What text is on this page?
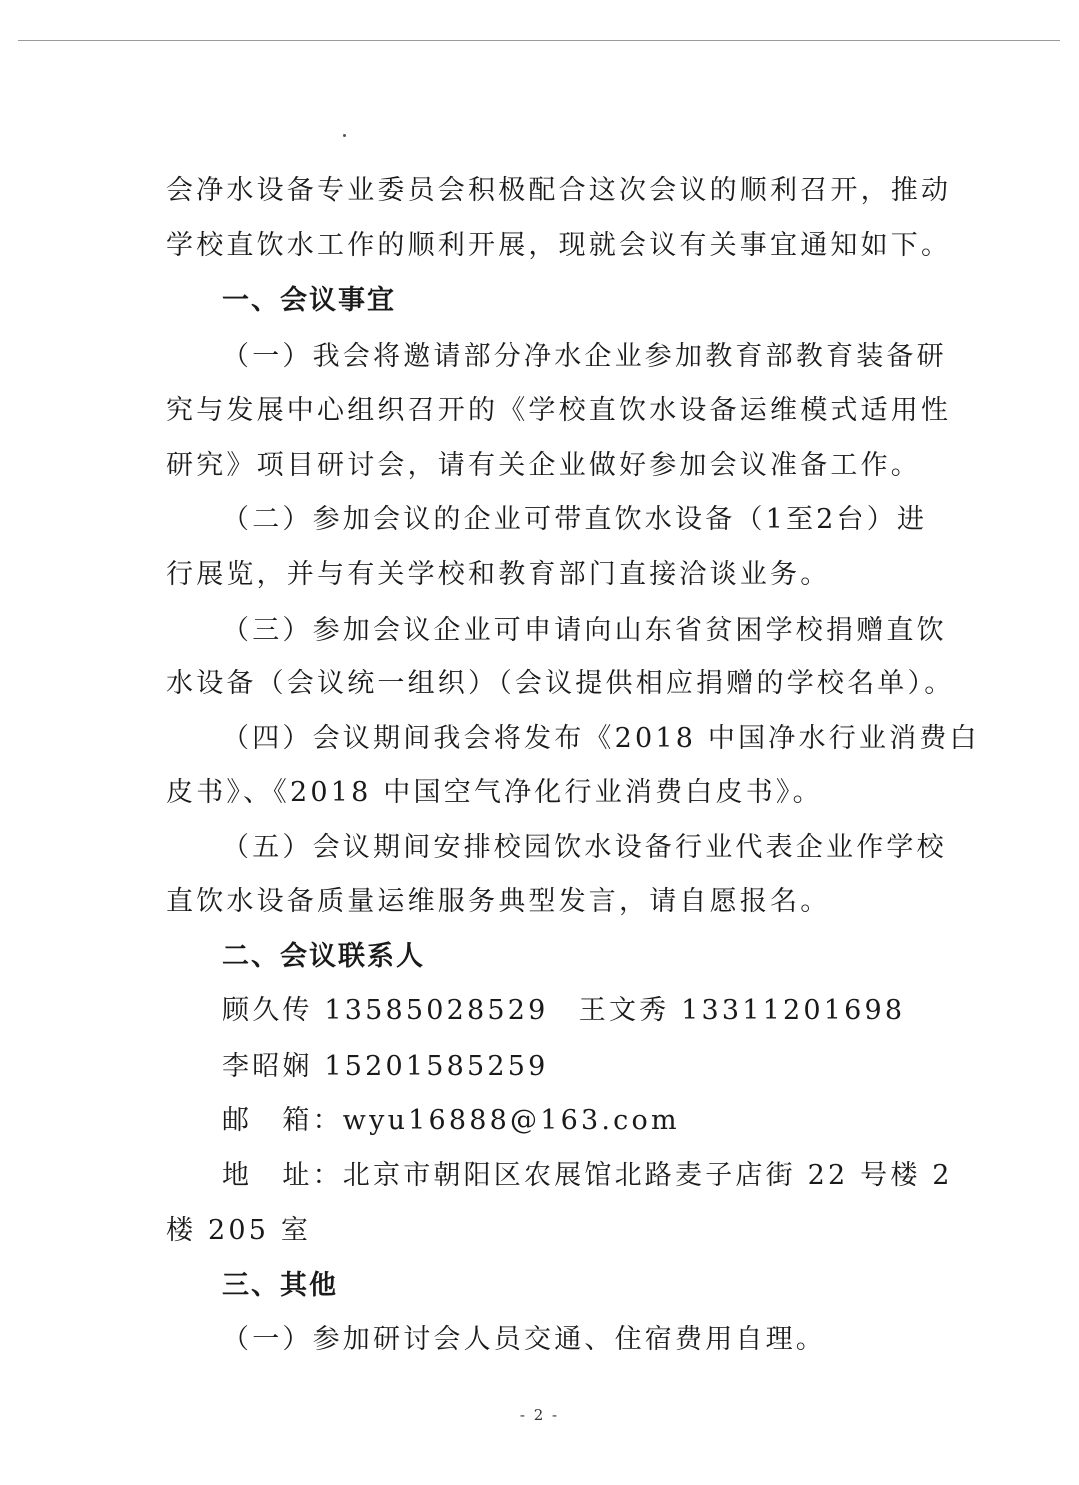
会净水设备专业委员会积极配合这次会议的顺利召开，推动

学校直饮水工作的顺利开展，现就会议有关事宜通知如下。

一、会议事宜

（一）我会将邀请部分净水企业参加教育部教育装备研

究与发展中心组织召开的《学校直饮水设备运维模式适用性

研究》项目研讨会，请有关企业做好参加会议准备工作。

（二）参加会议的企业可带直饮水设备（1至2台）进

行展览，并与有关学校和教育部门直接洽谈业务。

（三）参加会议企业可申请向山东省贫困学校捐赠直饮

水设备（会议统一组织）（会议提供相应捐赠的学校名单）。

（四）会议期间我会将发布《2018 中国净水行业消费白

皮书》、《2018 中国空气净化行业消费白皮书》。

（五）会议期间安排校园饮水设备行业代表企业作学校

直饮水设备质量运维服务典型发言，请自愿报名。

二、会议联系人

顾久传 13585028529　王文秀 13311201698

李昭娴 15201585259

邮　箱：wyu16888@163.com

地　址：北京市朝阳区农展馆北路麦子店街 22 号楼 2

楼 205 室

三、其他

（一）参加研讨会人员交通、住宿费用自理。

- 2 -
